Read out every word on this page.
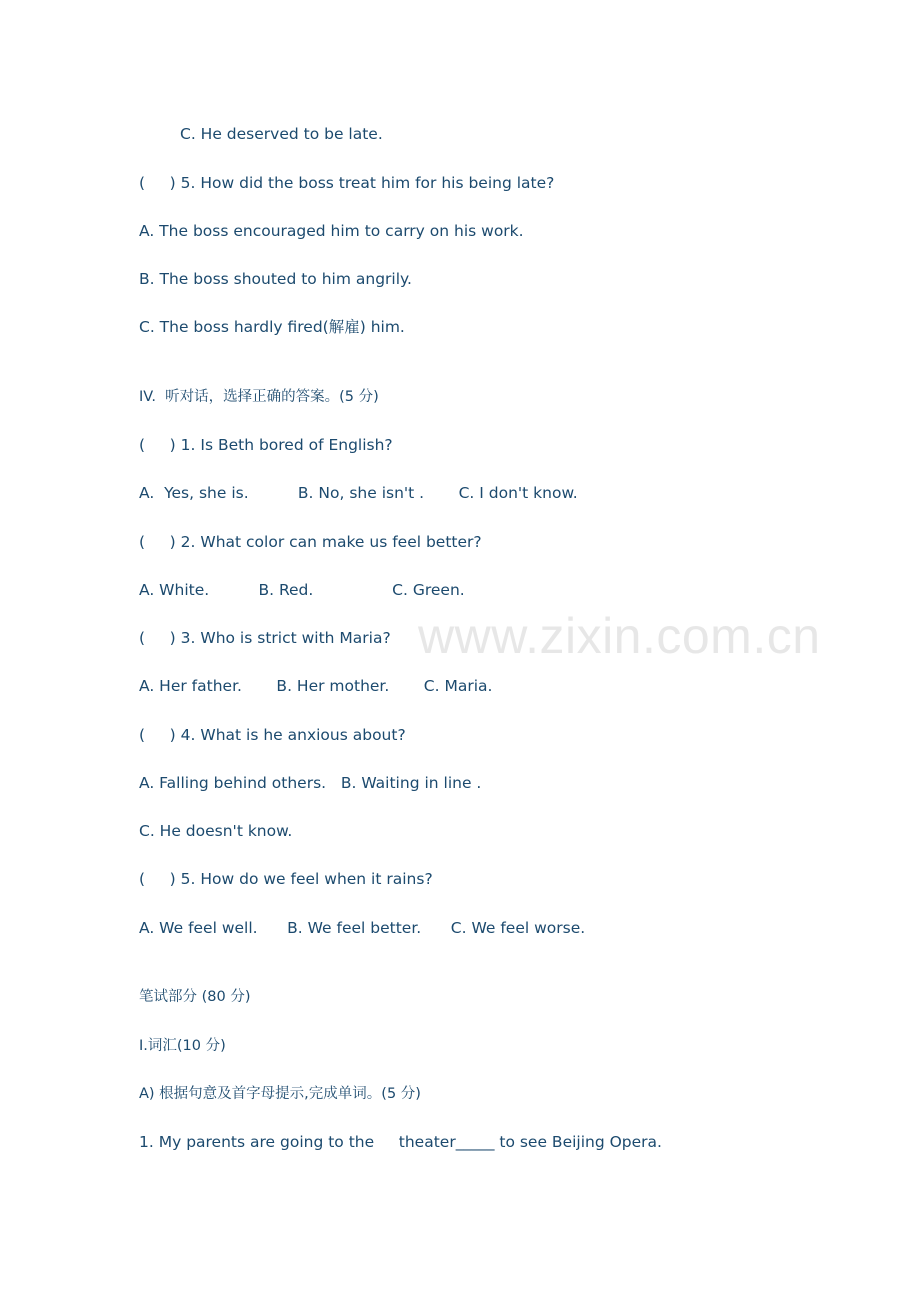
C. He deserved to be late.
(     ) 5. How did the boss treat him for his being late?
A. The boss encouraged him to carry on his work.
B. The boss shouted to him angrily.
C. The boss hardly fired(解雇) him.
IV.  听对话，选择正确的答案。(5 分)
(     ) 1. Is Beth bored of English?
A.  Yes, she is.          B. No, she isn't .       C. I don't know.
(     ) 2. What color can make us feel better?
A. White.          B. Red.                C. Green.
(     ) 3. Who is strict with Maria?
A. Her father.       B. Her mother.       C. Maria.
(     ) 4. What is he anxious about?
A. Falling behind others.   B. Waiting in line .
C. He doesn't know.
(     ) 5. How do we feel when it rains?
A. We feel well.      B. We feel better.      C. We feel worse.
笔试部分 (80 分)
Ⅰ.词汇(10 分)
A) 根据句意及首字母提示,完成单词。(5 分)
1. My parents are going to the     theater_____ to see Beijing Opera.
www.zixin.com.cn
